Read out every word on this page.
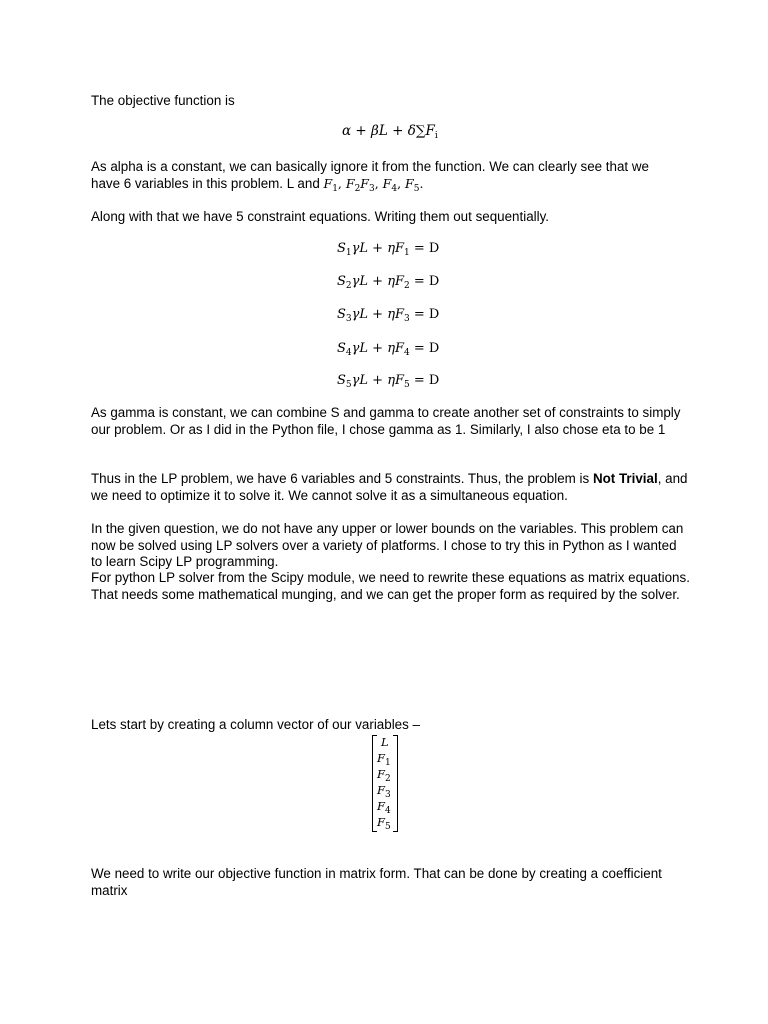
The objective function is

$\alpha + \beta L + \delta\sum F_i$

As alpha is a constant, we can basically ignore it from the function. We can clearly see that we
have 6 variables in this problem. L and $F_1$, $F_2F_3$, $F_4$, $F_5$.

Along with that we have 5 constraint equations. Writing them out sequentially.

$S_1\gamma L + \eta F_1 = D$
$S_2\gamma L + \eta F_2 = D$
$S_3\gamma L + \eta F_3 = D$
$S_4\gamma L + \eta F_4 = D$
$S_5\gamma L + \eta F_5 = D$

As gamma is constant, we can combine S and gamma to create another set of constraints to simply our problem. Or as I did in the Python file, I chose gamma as 1. Similarly, I also chose eta to be 1

Thus in the LP problem, we have 6 variables and 5 constraints. Thus, the problem is Not Trivial, and we need to optimize it to solve it. We cannot solve it as a simultaneous equation.

In the given question, we do not have any upper or lower bounds on the variables. This problem can now be solved using LP solvers over a variety of platforms. I chose to try this in Python as I wanted to learn Scipy LP programming.

For python LP solver from the Scipy module, we need to rewrite these equations as matrix equations. That needs some mathematical munging, and we can get the proper form as required by the solver.

Lets start by creating a column vector of our variables –

L
$F_1$
$F_2$
$F_3$
$F_4$
$F_5$

We need to write our objective function in matrix form. That can be done by creating a coefficient matrix
